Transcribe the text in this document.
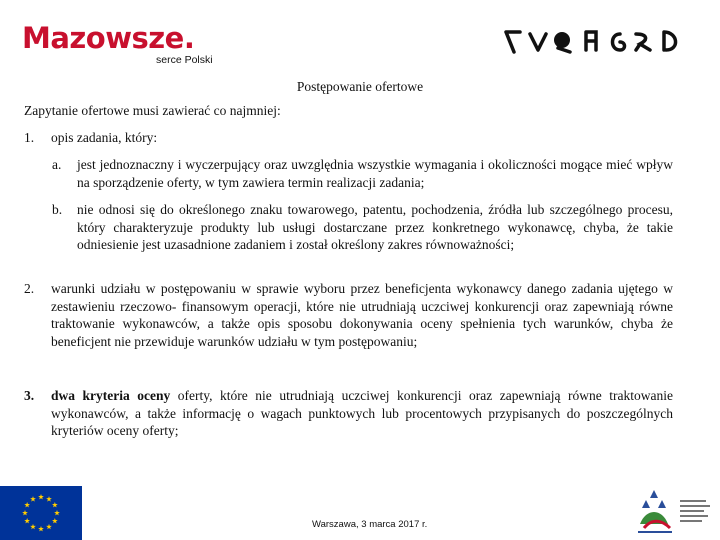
Mazowsze.
serce Polski
Postępowanie ofertowe
Zapytanie ofertowe musi zawierać co najmniej:
1. opis zadania, który:
a. jest jednoznaczny i wyczerpujący oraz uwzględnia wszystkie wymagania i okoliczności mogące mieć wpływ na sporządzenie oferty, w tym zawiera termin realizacji zadania;
b. nie odnosi się do określonego znaku towarowego, patentu, pochodzenia, źródła lub szczególnego procesu, który charakteryzuje produkty lub usługi dostarczane przez konkretnego wykonawcę, chyba, że takie odniesienie jest uzasadnione zadaniem i został określony zakres równoważności;
2. warunki udziału w postępowaniu w sprawie wyboru przez beneficjenta wykonawcy danego zadania ujętego w zestawieniu rzeczowo- finansowym operacji, które nie utrudniają uczciwej konkurencji oraz zapewniają równe traktowanie wykonawców, a także opis sposobu dokonywania oceny spełnienia tych warunków, chyba że beneficjent nie przewiduje warunków udziału w tym postępowaniu;
3. dwa kryteria oceny oferty, które nie utrudniają uczciwej konkurencji oraz zapewniają równe traktowanie wykonawców, a także informację o wagach punktowych lub procentowych przypisanych do poszczególnych kryteriów oceny oferty;
Warszawa, 3 marca 2017 r.
